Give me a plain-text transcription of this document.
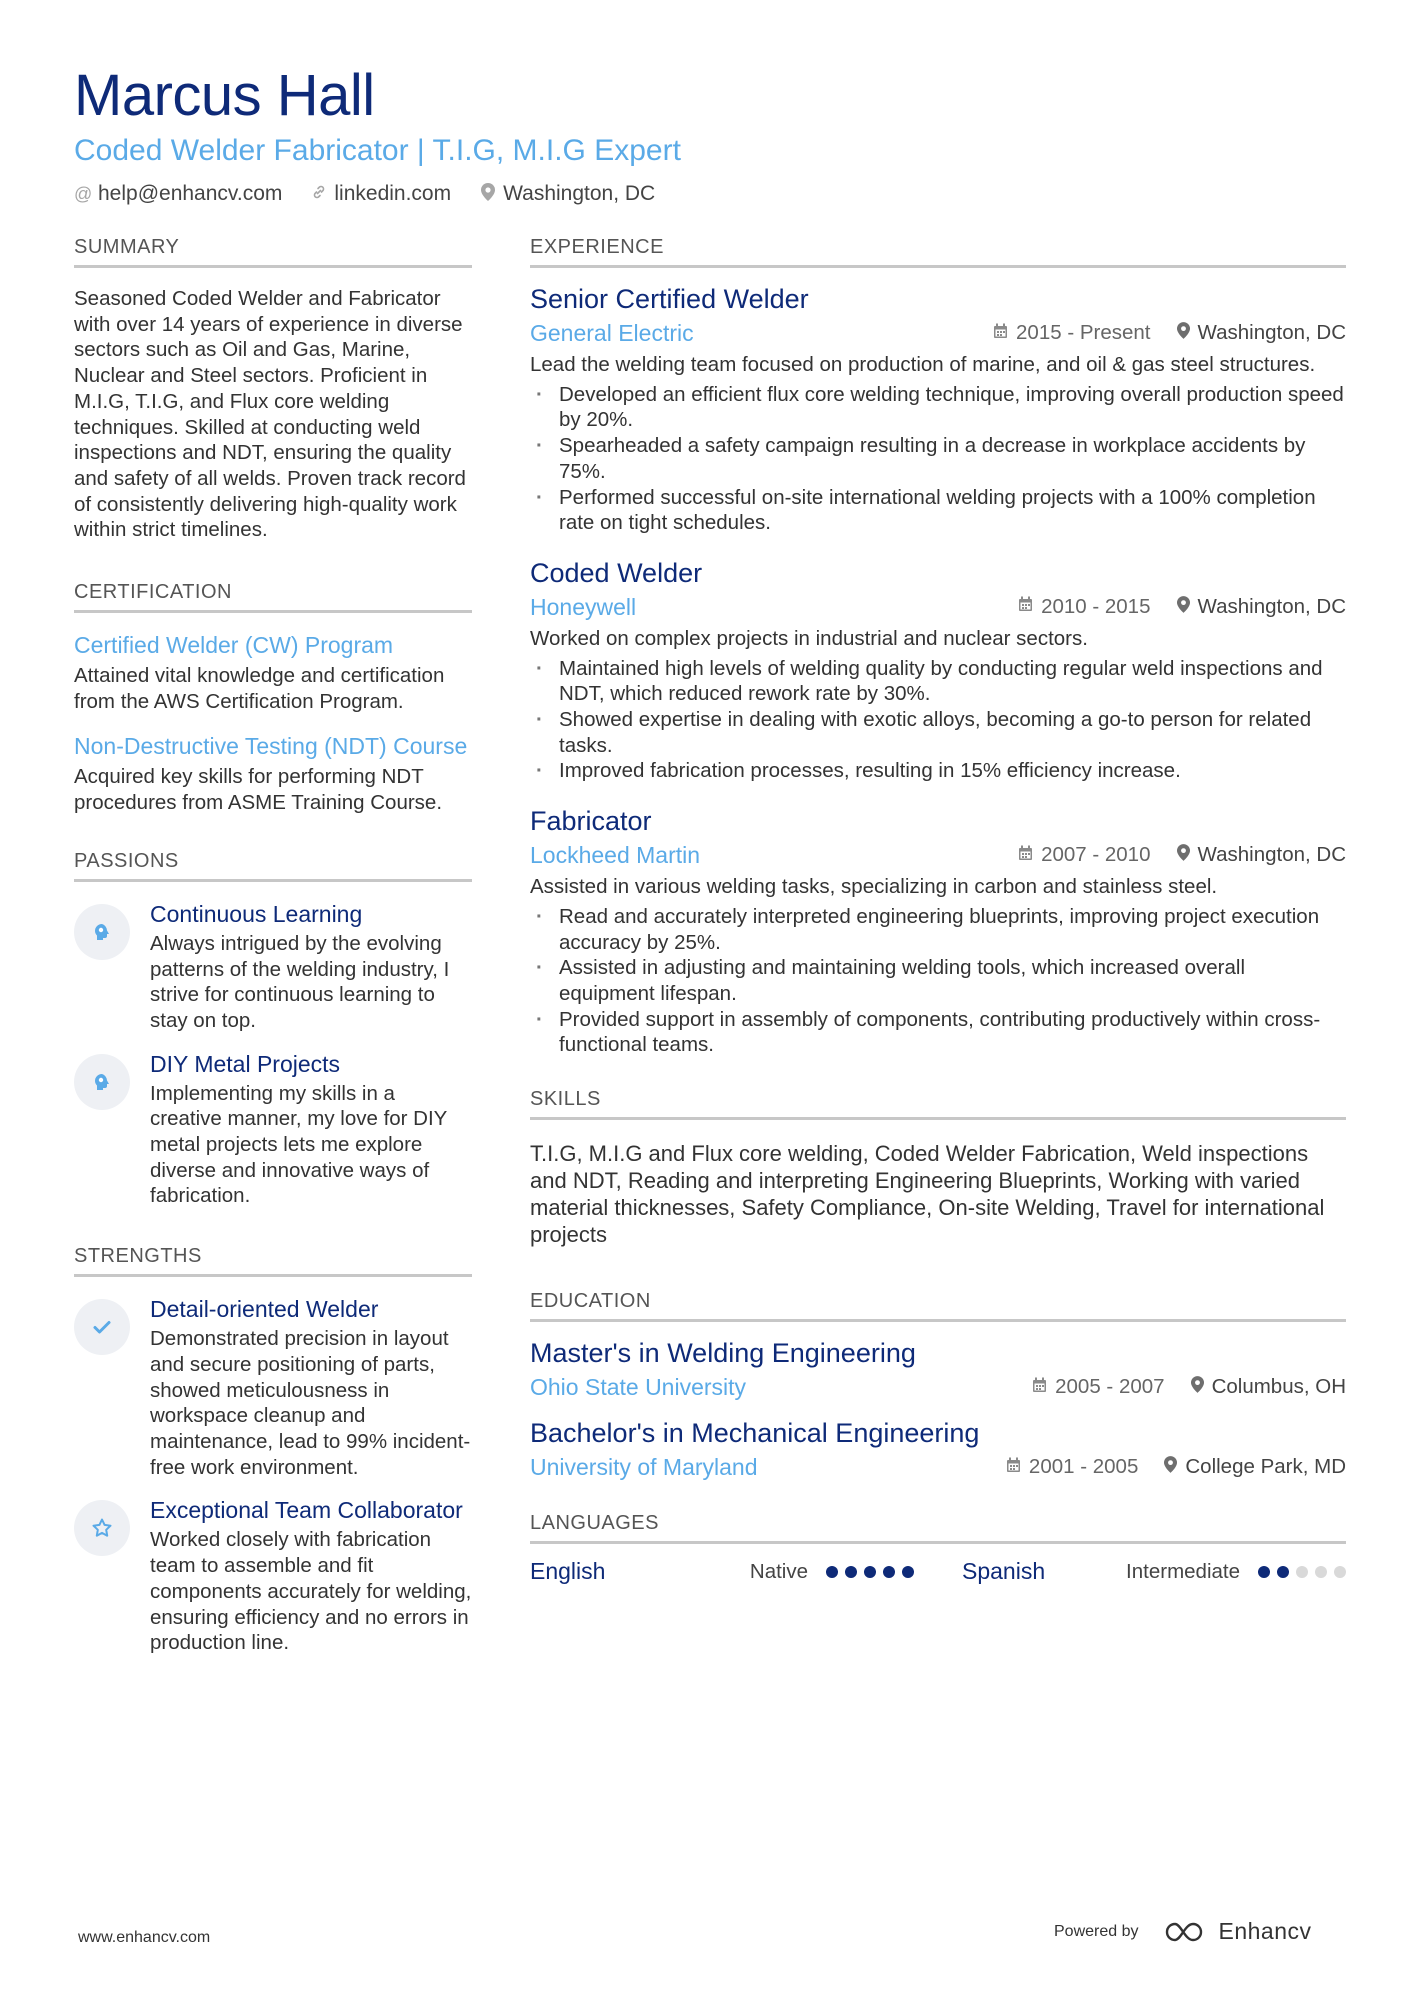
Marcus Hall
Coded Welder Fabricator | T.I.G, M.I.G Expert
@ help@enhancv.com linkedin.com Washington, DC
SUMMARY
Seasoned Coded Welder and Fabricator with over 14 years of experience in diverse sectors such as Oil and Gas, Marine, Nuclear and Steel sectors. Proficient in M.I.G, T.I.G, and Flux core welding techniques. Skilled at conducting weld inspections and NDT, ensuring the quality and safety of all welds. Proven track record of consistently delivering high-quality work within strict timelines.
CERTIFICATION
Certified Welder (CW) Program
Attained vital knowledge and certification from the AWS Certification Program.
Non-Destructive Testing (NDT) Course
Acquired key skills for performing NDT procedures from ASME Training Course.
PASSIONS
Continuous Learning
Always intrigued by the evolving patterns of the welding industry, I strive for continuous learning to stay on top.
DIY Metal Projects
Implementing my skills in a creative manner, my love for DIY metal projects lets me explore diverse and innovative ways of fabrication.
STRENGTHS
Detail-oriented Welder
Demonstrated precision in layout and secure positioning of parts, showed meticulousness in workspace cleanup and maintenance, lead to 99% incident-free work environment.
Exceptional Team Collaborator
Worked closely with fabrication team to assemble and fit components accurately for welding, ensuring efficiency and no errors in production line.
EXPERIENCE
Senior Certified Welder
General Electric	2015 - Present Washington, DC
Lead the welding team focused on production of marine, and oil & gas steel structures.
· Developed an efficient flux core welding technique, improving overall production speed by 20%.
· Spearheaded a safety campaign resulting in a decrease in workplace accidents by 75%.
· Performed successful on-site international welding projects with a 100% completion rate on tight schedules.
Coded Welder
Honeywell	2010 - 2015 Washington, DC
Worked on complex projects in industrial and nuclear sectors.
· Maintained high levels of welding quality by conducting regular weld inspections and NDT, which reduced rework rate by 30%.
· Showed expertise in dealing with exotic alloys, becoming a go-to person for related tasks.
· Improved fabrication processes, resulting in 15% efficiency increase.
Fabricator
Lockheed Martin	2007 - 2010 Washington, DC
Assisted in various welding tasks, specializing in carbon and stainless steel.
· Read and accurately interpreted engineering blueprints, improving project execution accuracy by 25%.
· Assisted in adjusting and maintaining welding tools, which increased overall equipment lifespan.
· Provided support in assembly of components, contributing productively within cross-functional teams.
SKILLS
T.I.G, M.I.G and Flux core welding, Coded Welder Fabrication, Weld inspections and NDT, Reading and interpreting Engineering Blueprints, Working with varied material thicknesses, Safety Compliance, On-site Welding, Travel for international projects
EDUCATION
Master's in Welding Engineering
Ohio State University	2005 - 2007 Columbus, OH
Bachelor's in Mechanical Engineering
University of Maryland	2001 - 2005 College Park, MD
LANGUAGES
English	Native	Spanish	Intermediate
www.enhancv.com	Powered by	Enhancv
